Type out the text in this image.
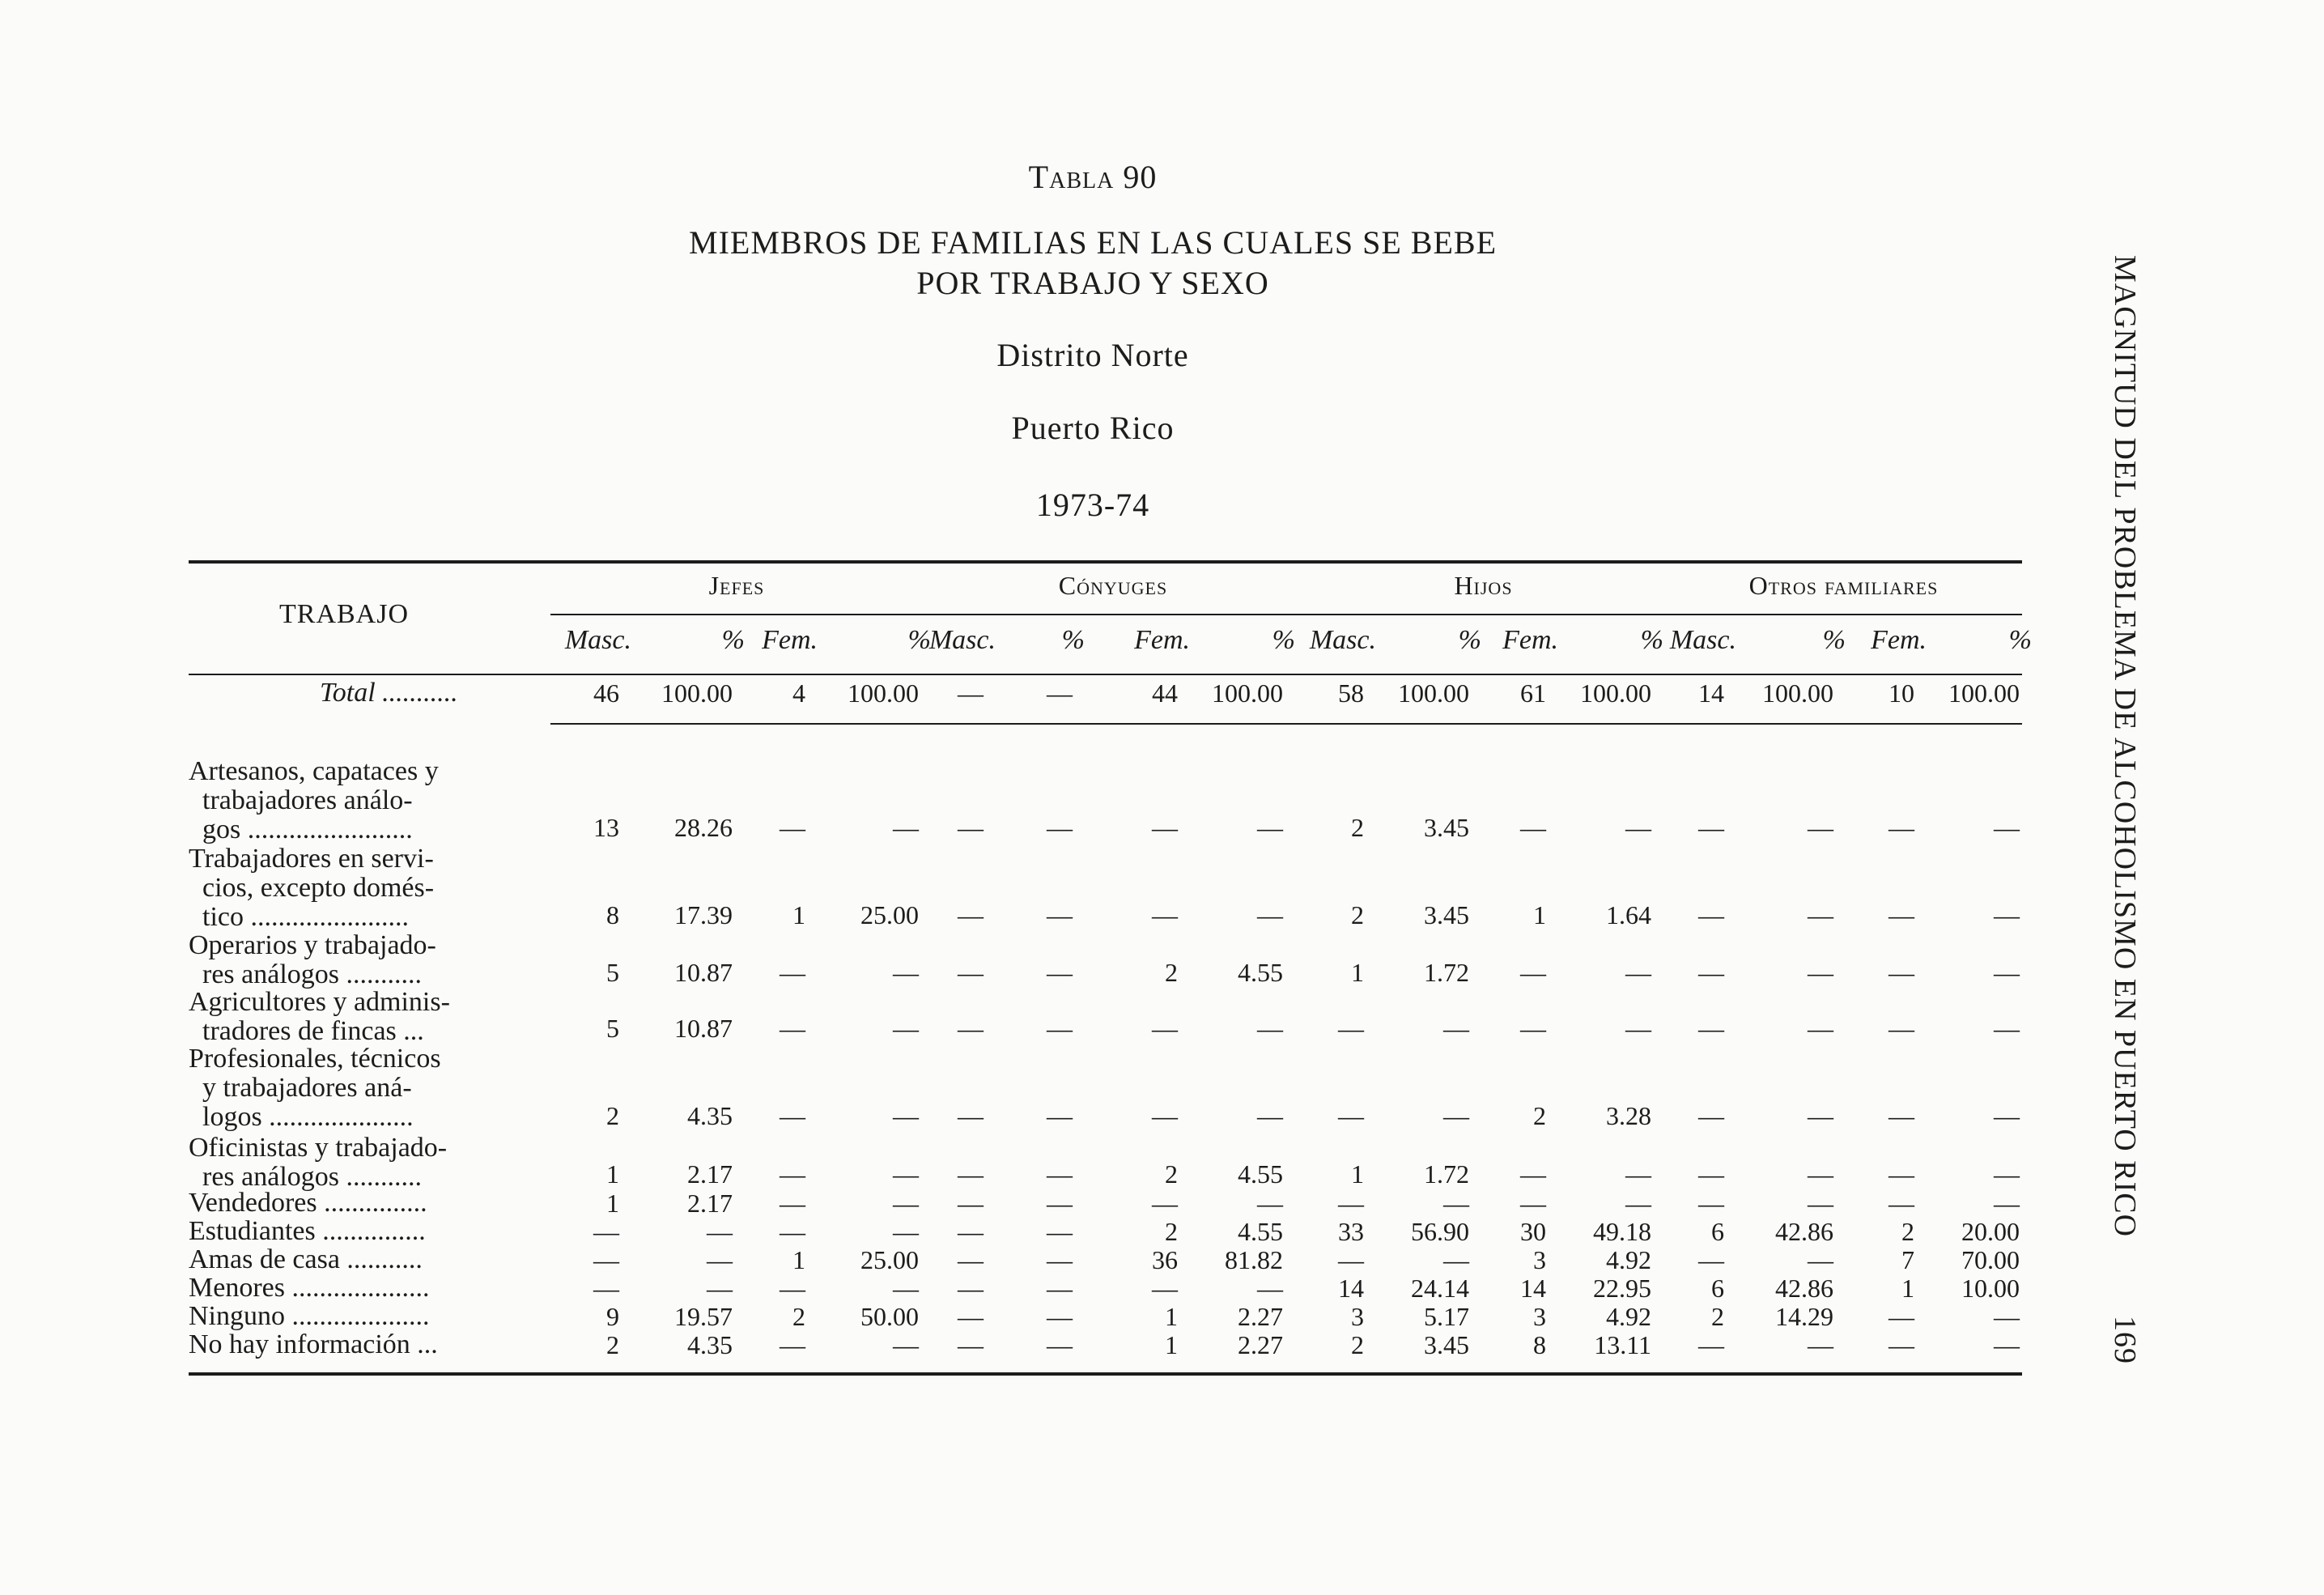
Tabla 90
MIEMBROS DE FAMILIAS EN LAS CUALES SE BEBE
POR TRABAJO Y SEXO
Distrito Norte
Puerto Rico
1973-74	MAGNITUD DEL PROBLEMA DE ALCOHOLISMO EN PUERTO RICO
169
TRABAJO
Jefes	Cónyuges	Hijos	Otros familiares
Masc.	% Fem.	%
Masc.	%	Fem.	% Masc.	% Fem.	% Masc.	% Fem.	%
Total ...........	46	100.00	4	100.00	—	—	44	100.00	58	100.00	61	100.00	14	100.00	10	100.00
Artesanos, capataces y
trabajadores análo-
gos ........................	13	28.26	—	—	—	—	—	—	2	3.45	—	—	—	—	—	—
Trabajadores en servi-
cios, excepto domés-
tico .......................	8	17.39	1	25.00	—	—	—	—	2	3.45	1	1.64	—	—	—	—
Operarios y trabajado-
res análogos ...........	5	10.87	—	—	—	—	2	4.55	1	1.72	—	—	—	—	—	—
Agricultores y adminis-
tradores de fincas ...	5	10.87	—	—	—	—	—	—	—	—	—	—	—	—	—	—
Profesionales, técnicos
y trabajadores aná-
logos .....................	2	4.35	—	—	—	—	—	—	—	—	2	3.28	—	—	—	—
Oficinistas y trabajado-
res análogos ...........	1	2.17	—	—	—	—	2	4.55	1	1.72	—	—	—	—	—	—
Vendedores ...............	1	2.17	—	—	—	—	—	—	—	—	—	—	—	—	—	—
Estudiantes ...............	—	—	—	—	—	—	2	4.55	33	56.90	30	49.18	6	42.86	2	20.00
Amas de casa ...........	—	—	1	25.00	—	—	36	81.82	—	—	3	4.92	—	—	7	70.00
Menores ....................	—	—	—	—	—	—	—	—	14	24.14	14	22.95	6	42.86	1	10.00
Ninguno ....................	9	19.57	2	50.00	—	—	1	2.27	3	5.17	3	4.92	2	14.29	—	—
No hay información ...	2	4.35	—	—	—	—	1	2.27	2	3.45	8	13.11	—	—	—	—
